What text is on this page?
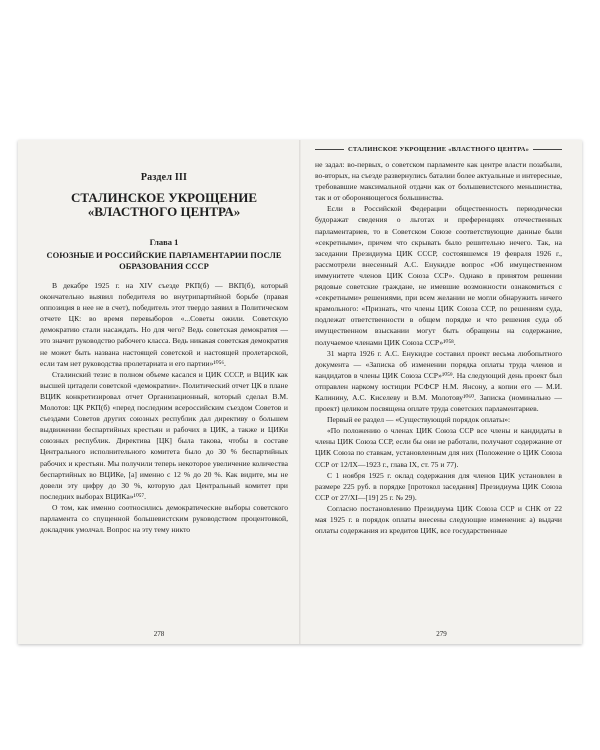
Раздел III
СТАЛИНСКОЕ УКРОЩЕНИЕ «ВЛАСТНОГО ЦЕНТРА»
Глава 1
СОЮЗНЫЕ И РОССИЙСКИЕ ПАРЛАМЕНТАРИИ ПОСЛЕ ОБРАЗОВАНИЯ СССР

В декабре 1925 г. на XIV съезде РКП(б) — ВКП(б), который окончательно выявил победителя во внутрипартийной борьбе (правая оппозиция в нее не в счет), победитель этот твердо заявил в Политическом отчете ЦК: во время перевыборов «...Советы ожили. Советскую демократию стали насаждать. Но для чего? Ведь советская демократия — это значит руководство рабочего класса. Ведь никакая советская демократия не может быть названа настоящей советской и настоящей пролетарской, если там нет руководства пролетариата и его партии»¹⁰⁵⁶.

Сталинский тезис в полном объеме касался и ЦИК СССР, и ВЦИК как высшей цитадели советской «демократии». Политический отчет ЦК в плане ВЦИК конкретизировал отчет Организационный, который сделал В.М. Молотов: ЦК РКП(б) «перед последним всероссийским съездом Советов и съездами Советов других союзных республик дал директиву о большем выдвижении беспартийных крестьян и рабочих в ЦИК, а также и ЦИКи союзных республик. Директива [ЦК] была такова, чтобы в составе Центрального исполнительного комитета было до 30 % беспартийных рабочих и крестьян. Мы получили теперь некоторое увеличение количества беспартийных во ВЦИКе, [а] именно с 12 % до 20 %. Как видите, мы не довели эту цифру до 30 %, которую дал Центральный комитет при последних выборах ВЦИКа»¹⁰⁵⁷.

О том, как именно соотносились демократические выборы советского парламента со спущенной большевистским руководством процентовкой, докладчик умолчал. Вопрос на эту тему никто

278
СТАЛИНСКОЕ УКРОЩЕНИЕ «ВЛАСТНОГО ЦЕНТРА»

не задал: во-первых, о советском парламенте как центре власти позабыли, во-вторых, на съезде развернулись баталии более актуальные и интересные, требовавшие максимальной отдачи как от большевистского меньшинства, так и от обороняющегося большинства.

Если в Российской Федерации общественность периодически будоражат сведения о льготах и преференциях отечественных парламентариев, то в Советском Союзе соответствующие данные были «секретными», причем что скрывать было решительно нечего. Так, на заседании Президиума ЦИК СССР, состоявшемся 19 февраля 1926 г., рассмотрели внесенный А.С. Енукидзе вопрос «Об имущественном иммунитете членов ЦИК Союза ССР». Однако в принятом решении рядовые советские граждане, не имевшие возможности ознакомиться с «секретными» решениями, при всем желании не могли обнаружить ничего крамольного: «Признать, что члены ЦИК Союза ССР, по решениям суда, подлежат ответственности в общем порядке и что решения суда об имущественном взыскании могут быть обращены на содержание, получаемое членами ЦИК Союза ССР»¹⁰⁵⁸.

31 марта 1926 г. А.С. Енукидзе составил проект весьма любопытного документа — «Записка об изменении порядка оплаты труда членов и кандидатов в члены ЦИК Союза ССР»¹⁰⁵⁹. На следующий день проект был отправлен наркому юстиции РСФСР Н.М. Янсону, а копии его — М.И. Калинину, А.С. Киселеву и В.М. Молотову¹⁰⁶⁰. Записка (номинально — проект) целиком посвящена оплате труда советских парламентариев.

Первый ее раздел — «Существующий порядок оплаты»:

«По положению о членах ЦИК Союза ССР все члены и кандидаты в члены ЦИК Союза ССР, если бы они не работали, получают содержание от ЦИК Союза по ставкам, установленным для них (Положение о ЦИК Союза ССР от 12/IX—1923 г., глава IX, ст. 75 и 77).

С 1 ноября 1925 г. оклад содержания для членов ЦИК установлен в размере 225 руб. в порядке [протокол заседания] Президиума ЦИК Союза ССР от 27/XI—[19] 25 г. № 29).

Согласно постановлению Президиума ЦИК Союза ССР и СНК от 22 мая 1925 г. в порядок оплаты внесены следующие изменения: а) выдачи оплаты содержания из кредитов ЦИК, все государственные

279
